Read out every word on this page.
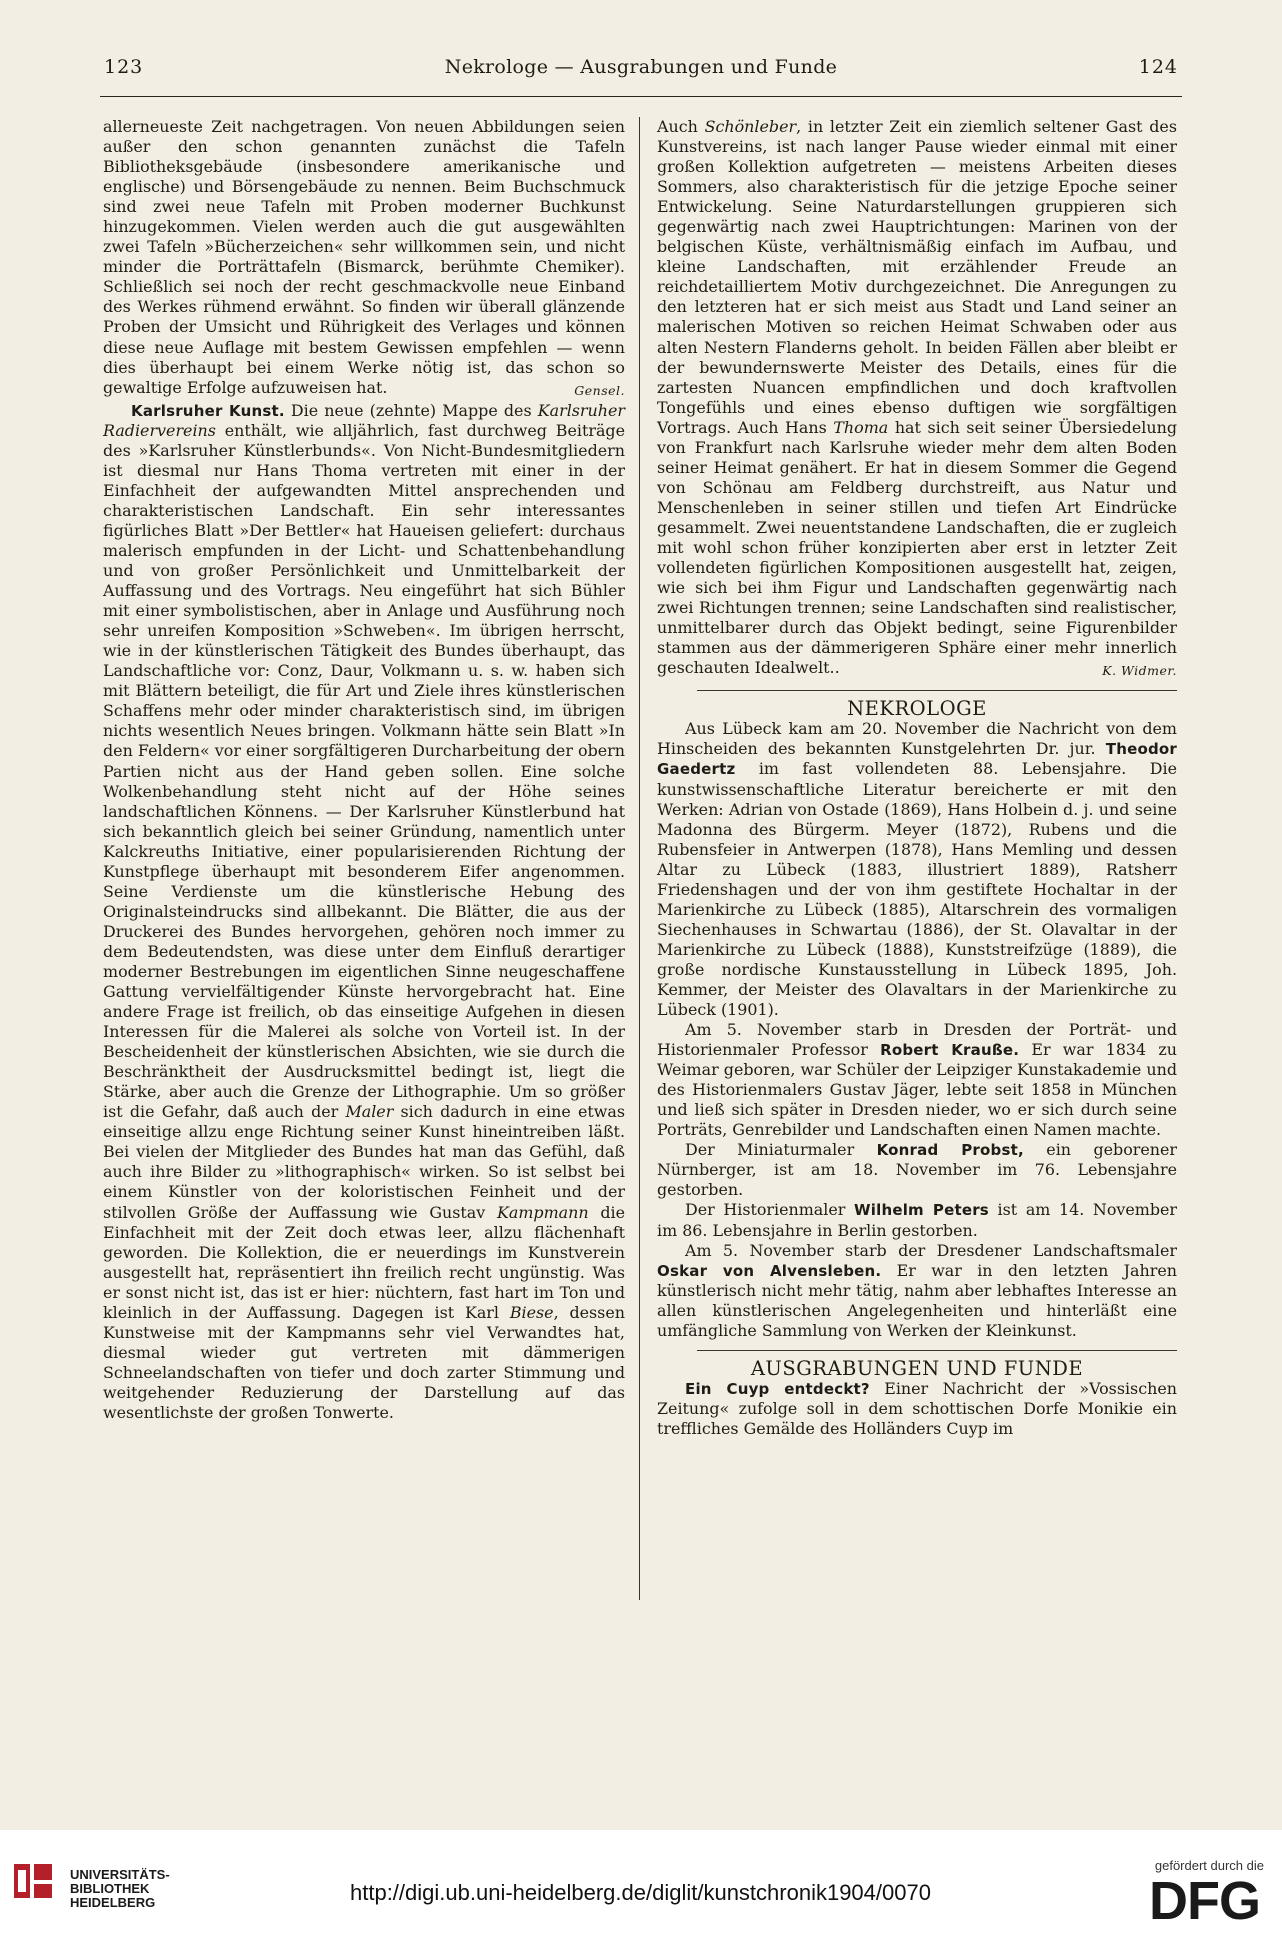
123	Nekrologe — Ausgrabungen und Funde	124

allerneueste Zeit nachgetragen. Von neuen Abbildungen seien außer den schon genannten zunächst die Tafeln Bibliotheksgebäude (insbesondere amerikanische und englische) und Börsengebäude zu nennen. Beim Buchschmuck sind zwei neue Tafeln mit Proben moderner Buchkunst hinzugekommen. Vielen werden auch die gut ausgewählten zwei Tafeln »Bücherzeichen« sehr willkommen sein, und nicht minder die Porträttafeln (Bismarck, berühmte Chemiker). Schließlich sei noch der recht geschmackvolle neue Einband des Werkes rühmend erwähnt. So finden wir überall glänzende Proben der Umsicht und Rührigkeit des Verlages und können diese neue Auflage mit bestem Gewissen empfehlen — wenn dies überhaupt bei einem Werke nötig ist, das schon so gewaltige Erfolge aufzuweisen hat.	Gensel.

Karlsruher Kunst. Die neue (zehnte) Mappe des Karlsruher Radiervereins enthält, wie alljährlich, fast durchweg Beiträge des »Karlsruher Künstlerbunds«. Von Nicht-Bundesmitgliedern ist diesmal nur Hans Thoma vertreten mit einer in der Einfachheit der aufgewandten Mittel ansprechenden und charakteristischen Landschaft. Ein sehr interessantes figürliches Blatt »Der Bettler« hat Haueisen geliefert: durchaus malerisch empfunden in der Licht- und Schattenbehandlung und von großer Persönlichkeit und Unmittelbarkeit der Auffassung und des Vortrags. Neu eingeführt hat sich Bühler mit einer symbolistischen, aber in Anlage und Ausführung noch sehr unreifen Komposition »Schweben«. Im übrigen herrscht, wie in der künstlerischen Tätigkeit des Bundes überhaupt, das Landschaftliche vor: Conz, Daur, Volkmann u. s. w. haben sich mit Blättern beteiligt, die für Art und Ziele ihres künstlerischen Schaffens mehr oder minder charakteristisch sind, im übrigen nichts wesentlich Neues bringen. Volkmann hätte sein Blatt »In den Feldern« vor einer sorgfältigeren Durcharbeitung der obern Partien nicht aus der Hand geben sollen. Eine solche Wolkenbehandlung steht nicht auf der Höhe seines landschaftlichen Könnens. — Der Karlsruher Künstlerbund hat sich bekanntlich gleich bei seiner Gründung, namentlich unter Kalckreuths Initiative, einer popularisierenden Richtung der Kunstpflege überhaupt mit besonderem Eifer angenommen. Seine Verdienste um die künstlerische Hebung des Originalsteindrucks sind allbekannt. Die Blätter, die aus der Druckerei des Bundes hervorgehen, gehören noch immer zu dem Bedeutendsten, was diese unter dem Einfluß derartiger moderner Bestrebungen im eigentlichen Sinne neugeschaffene Gattung vervielfältigender Künste hervorgebracht hat. Eine andere Frage ist freilich, ob das einseitige Aufgehen in diesen Interessen für die Malerei als solche von Vorteil ist. In der Bescheidenheit der künstlerischen Absichten, wie sie durch die Beschränktheit der Ausdrucksmittel bedingt ist, liegt die Stärke, aber auch die Grenze der Lithographie. Um so größer ist die Gefahr, daß auch der Maler sich dadurch in eine etwas einseitige allzu enge Richtung seiner Kunst hineintreiben läßt. Bei vielen der Mitglieder des Bundes hat man das Gefühl, daß auch ihre Bilder zu »lithographisch« wirken. So ist selbst bei einem Künstler von der koloristischen Feinheit und der stilvollen Größe der Auffassung wie Gustav Kampmann die Einfachheit mit der Zeit doch etwas leer, allzu flächenhaft geworden. Die Kollektion, die er neuerdings im Kunstverein ausgestellt hat, repräsentiert ihn freilich recht ungünstig. Was er sonst nicht ist, das ist er hier: nüchtern, fast hart im Ton und kleinlich in der Auffassung. Dagegen ist Karl Biese, dessen Kunstweise mit der Kampmanns sehr viel Verwandtes hat, diesmal wieder gut vertreten mit dämmerigen Schneelandschaften von tiefer und doch zarter Stimmung und weitgehender Reduzierung der Darstellung auf das wesentlichste der großen Tonwerte.

Auch Schönleber, in letzter Zeit ein ziemlich seltener Gast des Kunstvereins, ist nach langer Pause wieder einmal mit einer großen Kollektion aufgetreten — meistens Arbeiten dieses Sommers, also charakteristisch für die jetzige Epoche seiner Entwickelung. Seine Naturdarstellungen gruppieren sich gegenwärtig nach zwei Hauptrichtungen: Marinen von der belgischen Küste, verhältnismäßig einfach im Aufbau, und kleine Landschaften, mit erzählender Freude an reichdetailliertem Motiv durchgezeichnet. Die Anregungen zu den letzteren hat er sich meist aus Stadt und Land seiner an malerischen Motiven so reichen Heimat Schwaben oder aus alten Nestern Flanderns geholt. In beiden Fällen aber bleibt er der bewundernswerte Meister des Details, eines für die zartesten Nuancen empfindlichen und doch kraftvollen Tongefühls und eines ebenso duftigen wie sorgfältigen Vortrags. Auch Hans Thoma hat sich seit seiner Übersiedelung von Frankfurt nach Karlsruhe wieder mehr dem alten Boden seiner Heimat genähert. Er hat in diesem Sommer die Gegend von Schönau am Feldberg durchstreift, aus Natur und Menschenleben in seiner stillen und tiefen Art Eindrücke gesammelt. Zwei neuentstandene Landschaften, die er zugleich mit wohl schon früher konzipierten aber erst in letzter Zeit vollendeten figürlichen Kompositionen ausgestellt hat, zeigen, wie sich bei ihm Figur und Landschaften gegenwärtig nach zwei Richtungen trennen; seine Landschaften sind realistischer, unmittelbarer durch das Objekt bedingt, seine Figurenbilder stammen aus der dämmerigeren Sphäre einer mehr innerlich geschauten Idealwelt..	K. Widmer.

NEKROLOGE

Aus Lübeck kam am 20. November die Nachricht von dem Hinscheiden des bekannten Kunstgelehrten Dr. jur. Theodor Gaedertz im fast vollendeten 88. Lebensjahre. Die kunstwissenschaftliche Literatur bereicherte er mit den Werken: Adrian von Ostade (1869), Hans Holbein d. j. und seine Madonna des Bürgerm. Meyer (1872), Rubens und die Rubensfeier in Antwerpen (1878), Hans Memling und dessen Altar zu Lübeck (1883, illustriert 1889), Ratsherr Friedenshagen und der von ihm gestiftete Hochaltar in der Marienkirche zu Lübeck (1885), Altarschrein des vormaligen Siechenhauses in Schwartau (1886), der St. Olavaltar in der Marienkirche zu Lübeck (1888), Kunststreifzüge (1889), die große nordische Kunstausstellung in Lübeck 1895, Joh. Kemmer, der Meister des Olavaltars in der Marienkirche zu Lübeck (1901).

Am 5. November starb in Dresden der Porträt- und Historienmaler Professor Robert Krauße. Er war 1834 zu Weimar geboren, war Schüler der Leipziger Kunstakademie und des Historienmalers Gustav Jäger, lebte seit 1858 in München und ließ sich später in Dresden nieder, wo er sich durch seine Porträts, Genrebilder und Landschaften einen Namen machte.

Der Miniaturmaler Konrad Probst, ein geborener Nürnberger, ist am 18. November im 76. Lebensjahre gestorben.

Der Historienmaler Wilhelm Peters ist am 14. November im 86. Lebensjahre in Berlin gestorben.

Am 5. November starb der Dresdener Landschaftsmaler Oskar von Alvensleben. Er war in den letzten Jahren künstlerisch nicht mehr tätig, nahm aber lebhaftes Interesse an allen künstlerischen Angelegenheiten und hinterläßt eine umfängliche Sammlung von Werken der Kleinkunst.

AUSGRABUNGEN UND FUNDE

Ein Cuyp entdeckt? Einer Nachricht der »Vossischen Zeitung« zufolge soll in dem schottischen Dorfe Monikie ein treffliches Gemälde des Holländers Cuyp im

UNIVERSITÄTS-
BIBLIOTHEK
HEIDELBERG	http://digi.ub.uni-heidelberg.de/diglit/kunstchronik1904/0070
gefördert durch die
DFG
